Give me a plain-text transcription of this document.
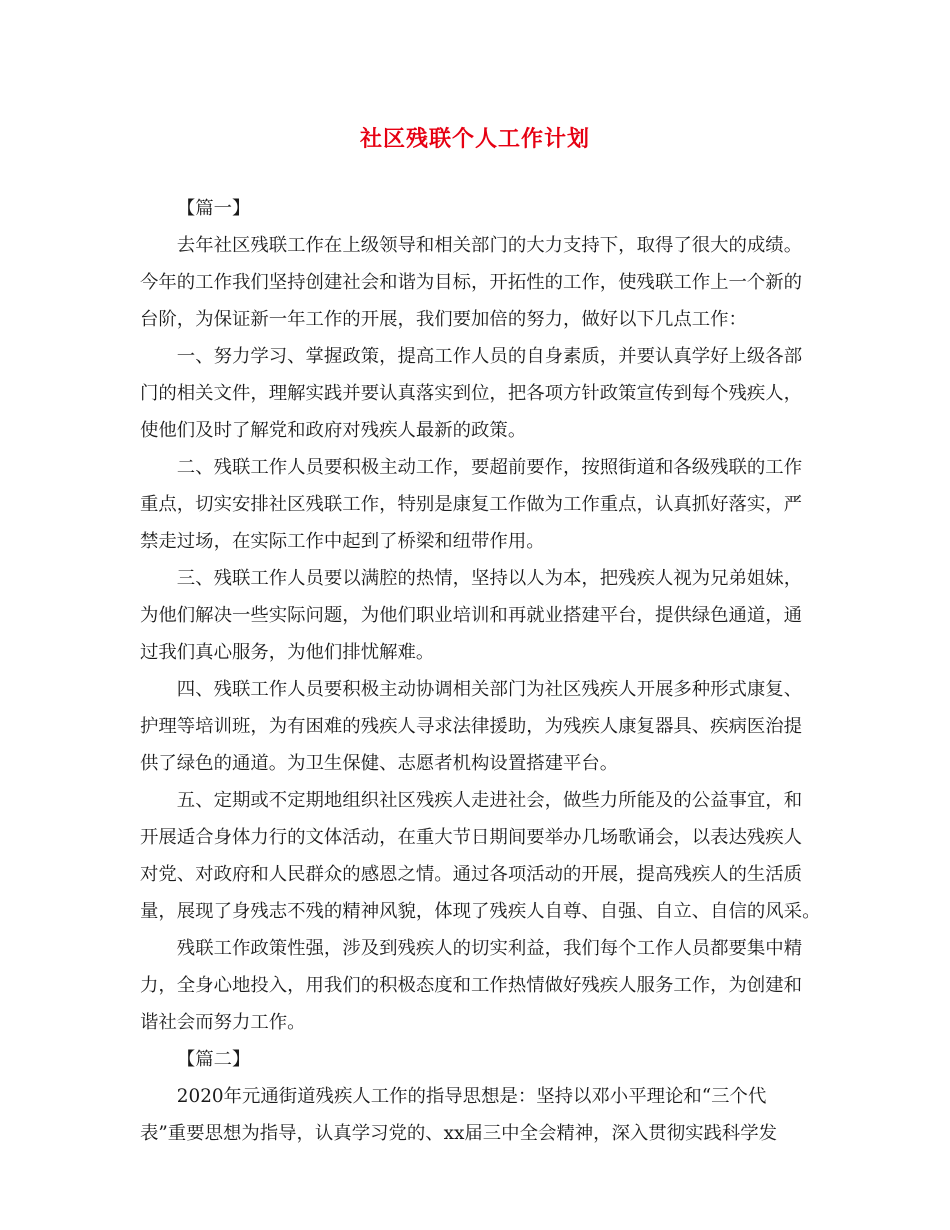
社区残联个人工作计划

【篇一】

去年社区残联工作在上级领导和相关部门的大力支持下，取得了很大的成绩。
今年的工作我们坚持创建社会和谐为目标，开拓性的工作，使残联工作上一个新的
台阶，为保证新一年工作的开展，我们要加倍的努力，做好以下几点工作：
一、努力学习、掌握政策，提高工作人员的自身素质，并要认真学好上级各部
门的相关文件，理解实践并要认真落实到位，把各项方针政策宣传到每个残疾人，
使他们及时了解党和政府对残疾人最新的政策。
二、残联工作人员要积极主动工作，要超前要作，按照街道和各级残联的工作
重点，切实安排社区残联工作，特别是康复工作做为工作重点，认真抓好落实，严
禁走过场，在实际工作中起到了桥梁和纽带作用。
三、残联工作人员要以满腔的热情，坚持以人为本，把残疾人视为兄弟姐妹，
为他们解决一些实际问题，为他们职业培训和再就业搭建平台，提供绿色通道，通
过我们真心服务，为他们排忧解难。
四、残联工作人员要积极主动协调相关部门为社区残疾人开展多种形式康复、
护理等培训班，为有困难的残疾人寻求法律援助，为残疾人康复器具、疾病医治提
供了绿色的通道。为卫生保健、志愿者机构设置搭建平台。
五、定期或不定期地组织社区残疾人走进社会，做些力所能及的公益事宜，和
开展适合身体力行的文体活动，在重大节日期间要举办几场歌诵会，以表达残疾人
对党、对政府和人民群众的感恩之情。通过各项活动的开展，提高残疾人的生活质
量，展现了身残志不残的精神风貌，体现了残疾人自尊、自强、自立、自信的风采。
残联工作政策性强，涉及到残疾人的切实利益，我们每个工作人员都要集中精
力，全身心地投入，用我们的积极态度和工作热情做好残疾人服务工作，为创建和
谐社会而努力工作。

【篇二】

2020年元通街道残疾人工作的指导思想是：坚持以邓小平理论和“三个代
表”重要思想为指导，认真学习党的、xx届三中全会精神，深入贯彻实践科学发
